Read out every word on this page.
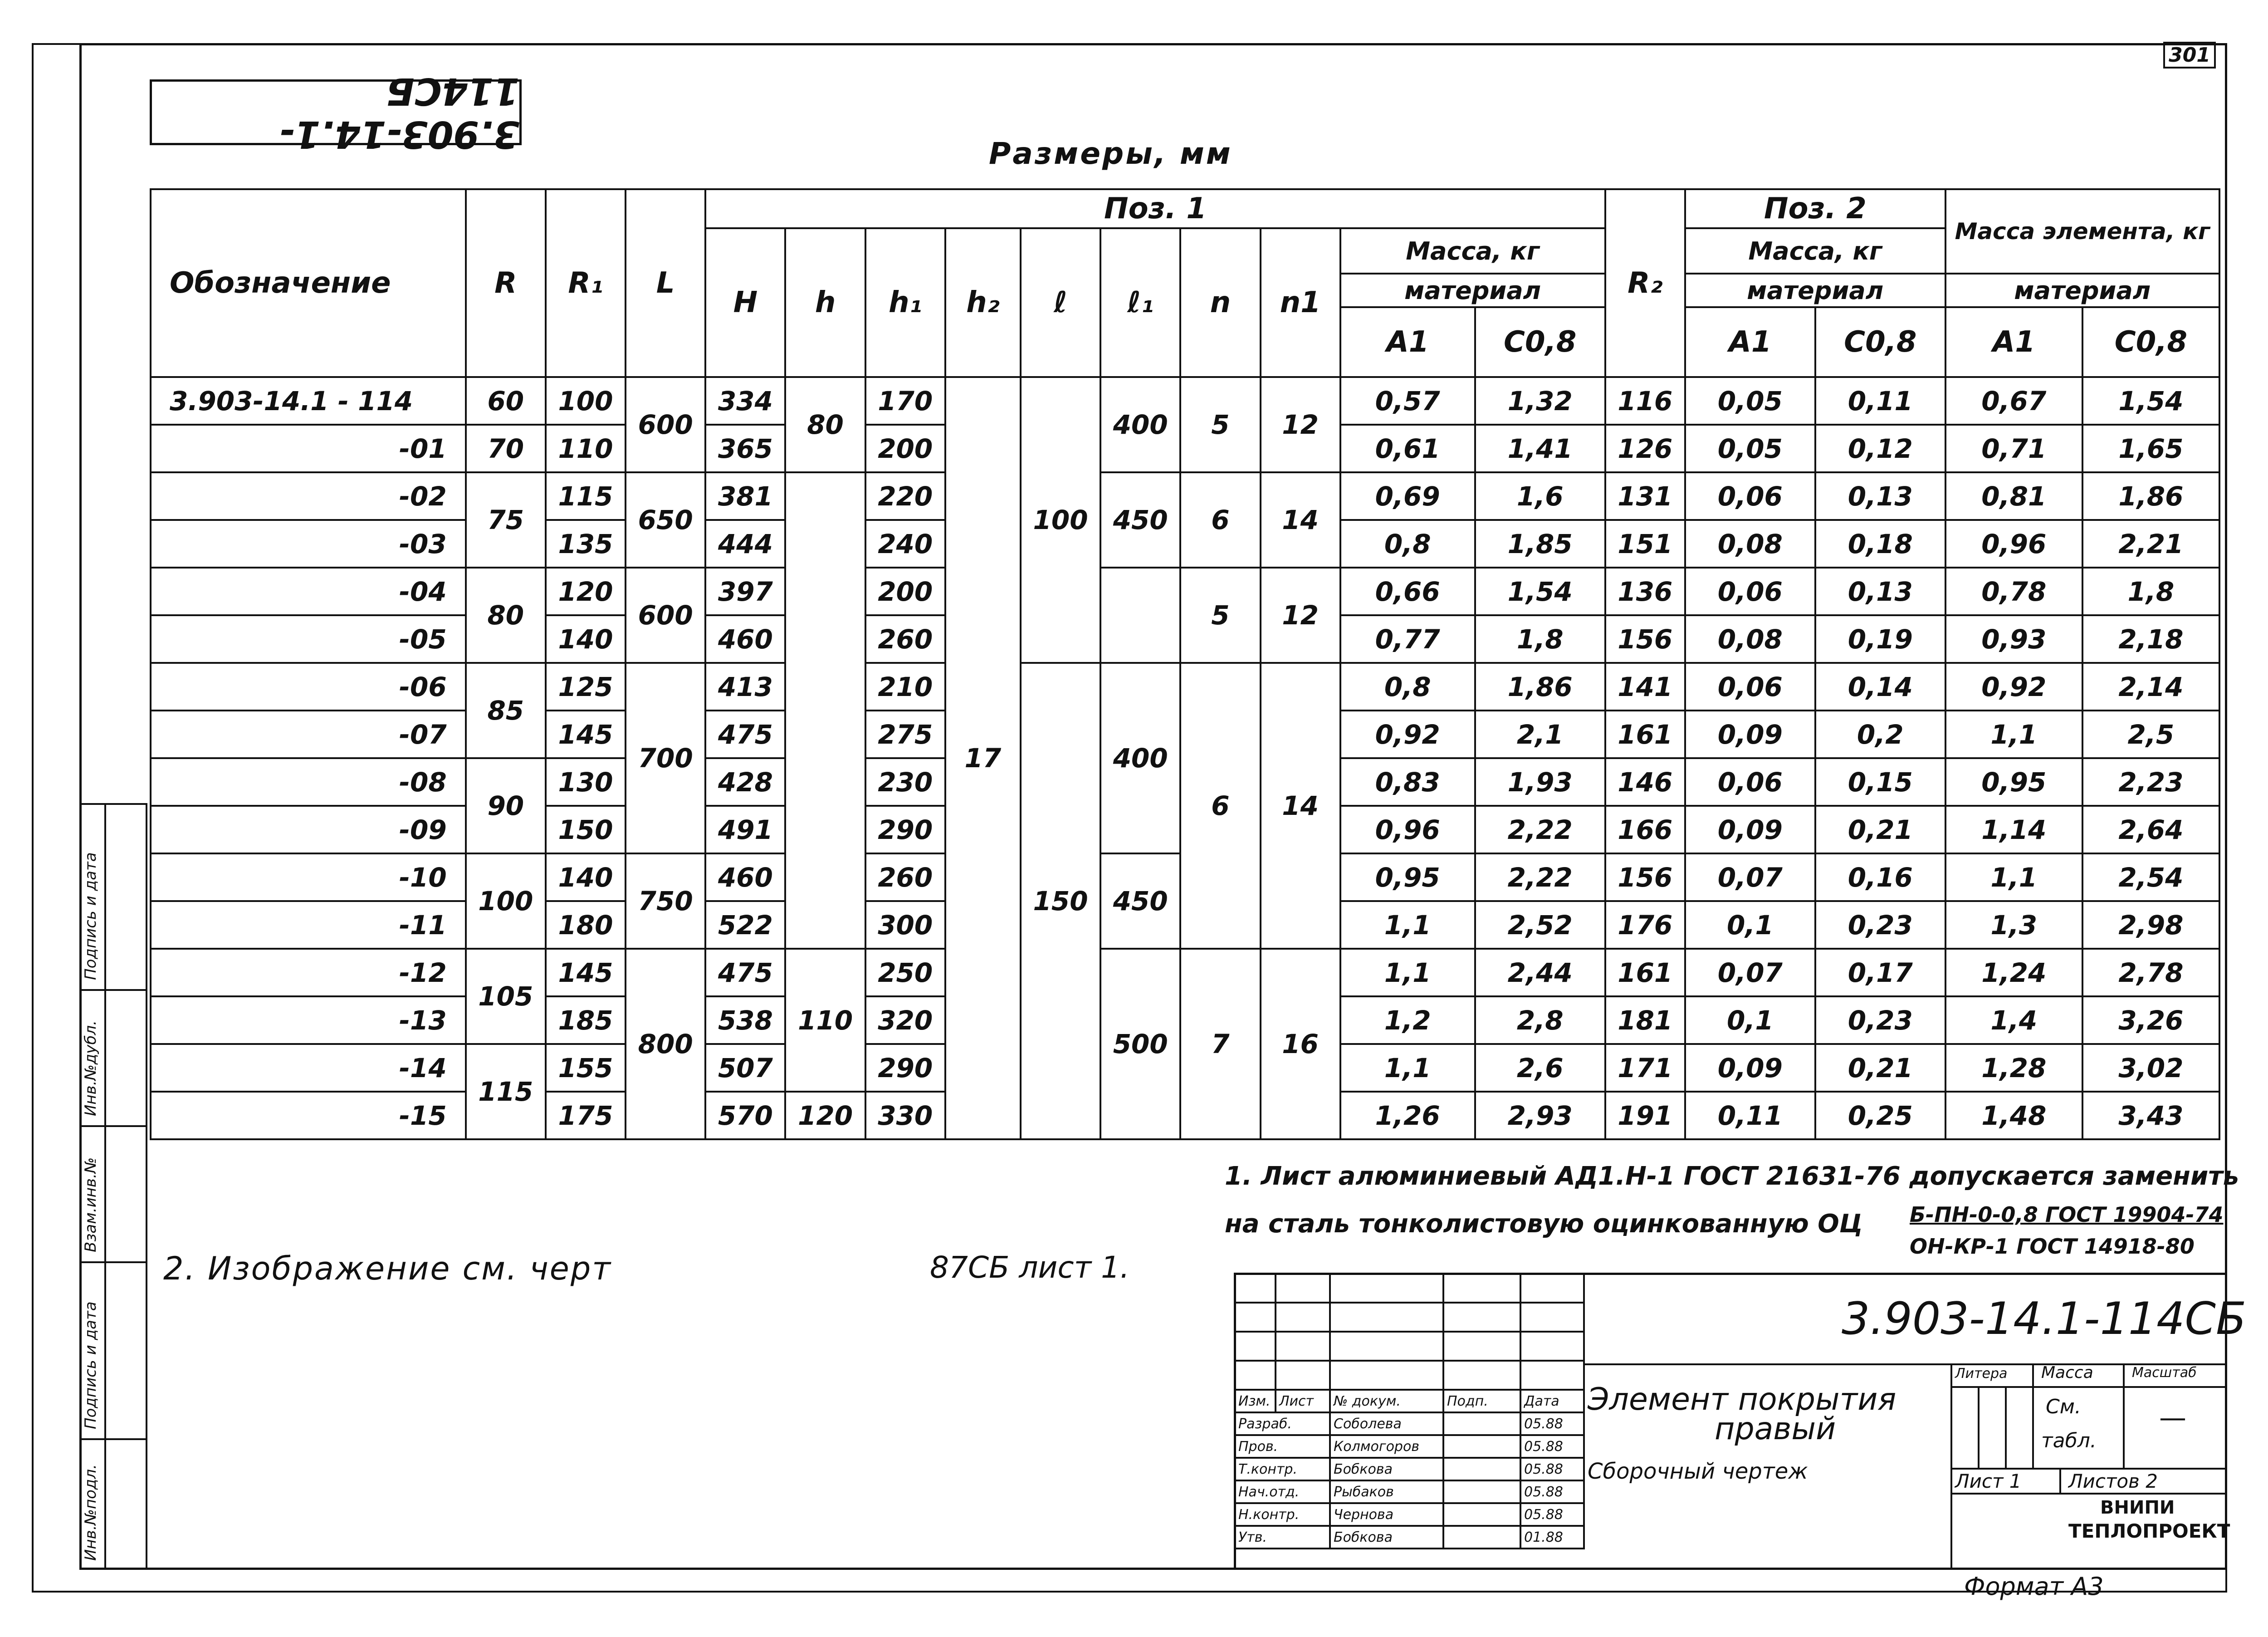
301
3.903-14.1-114СБ
Размеры, мм
Инв.№подл.
Подпись и дата
Взам.инв.№
Инв.№дубл.
Подпись и дата
Обозначение	R	R₁	L	Поз. 1										R₂	Поз. 2		Масса элемента, кг	
				H	h	h₁	h₂	ℓ	ℓ₁	n	n1	Масса, кг			Масса, кг			
												материал			материал		материал	
												А1	С0,8		А1	С0,8	А1	С0,8
3.903-14.1 - 114	60	100	600	334	80	170	17	100	400	5	12	0,57	1,32	116	0,05	0,11	0,67	1,54
-01	70	110		365		200						0,61	1,41	126	0,05	0,12	0,71	1,65
-02	75	115	650	381		220			450	6	14	0,69	1,6	131	0,06	0,13	0,81	1,86
-03		135		444		240						0,8	1,85	151	0,08	0,18	0,96	2,21
-04	80	120	600	397		200				5	12	0,66	1,54	136	0,06	0,13	0,78	1,8
-05		140		460		260						0,77	1,8	156	0,08	0,19	0,93	2,18
-06	85	125	700	413		210		150	400	6	14	0,8	1,86	141	0,06	0,14	0,92	2,14
-07		145		475		275						0,92	2,1	161	0,09	0,2	1,1	2,5
-08	90	130		428		230						0,83	1,93	146	0,06	0,15	0,95	2,23
-09		150		491		290						0,96	2,22	166	0,09	0,21	1,14	2,64
-10	100	140	750	460		260			450			0,95	2,22	156	0,07	0,16	1,1	2,54
-11		180		522		300						1,1	2,52	176	0,1	0,23	1,3	2,98
-12	105	145	800	475	110	250			500	7	16	1,1	2,44	161	0,07	0,17	1,24	2,78
-13		185		538		320						1,2	2,8	181	0,1	0,23	1,4	3,26
-14	115	155		507		290						1,1	2,6	171	0,09	0,21	1,28	3,02
-15		175		570	120	330						1,26	2,93	191	0,11	0,25	1,48	3,43
1. Лист алюминиевый АД1.Н-1 ГОСТ 21631-76 допускается заменить
на сталь тонколистовую оцинкованную ОЦ Б-ПН-0-0,8 ГОСТ 19904-74
ОН-КР-1 ГОСТ 14918-80
2. Изображение см. черт	87СБ лист 1.

Изм.	Лист	№ докум.	Подп.	Дата
Разраб.		Соболева		05.88
Пров.		Колмогоров		05.88
Т.контр.		Бобкова		05.88
Нач.отд.		Рыбаков		05.88
Н.контр.		Чернова		05.88
Утв.		Бобкова		01.88
3.903-14.1-114СБ
Элемент покрытия
правый
Сборочный чертеж
Литера Масса	Масштаб
См.
табл.
—
Лист 1 Листов 2
ВНИПИ
ТЕПЛОПРОЕКТ
Формат А3
